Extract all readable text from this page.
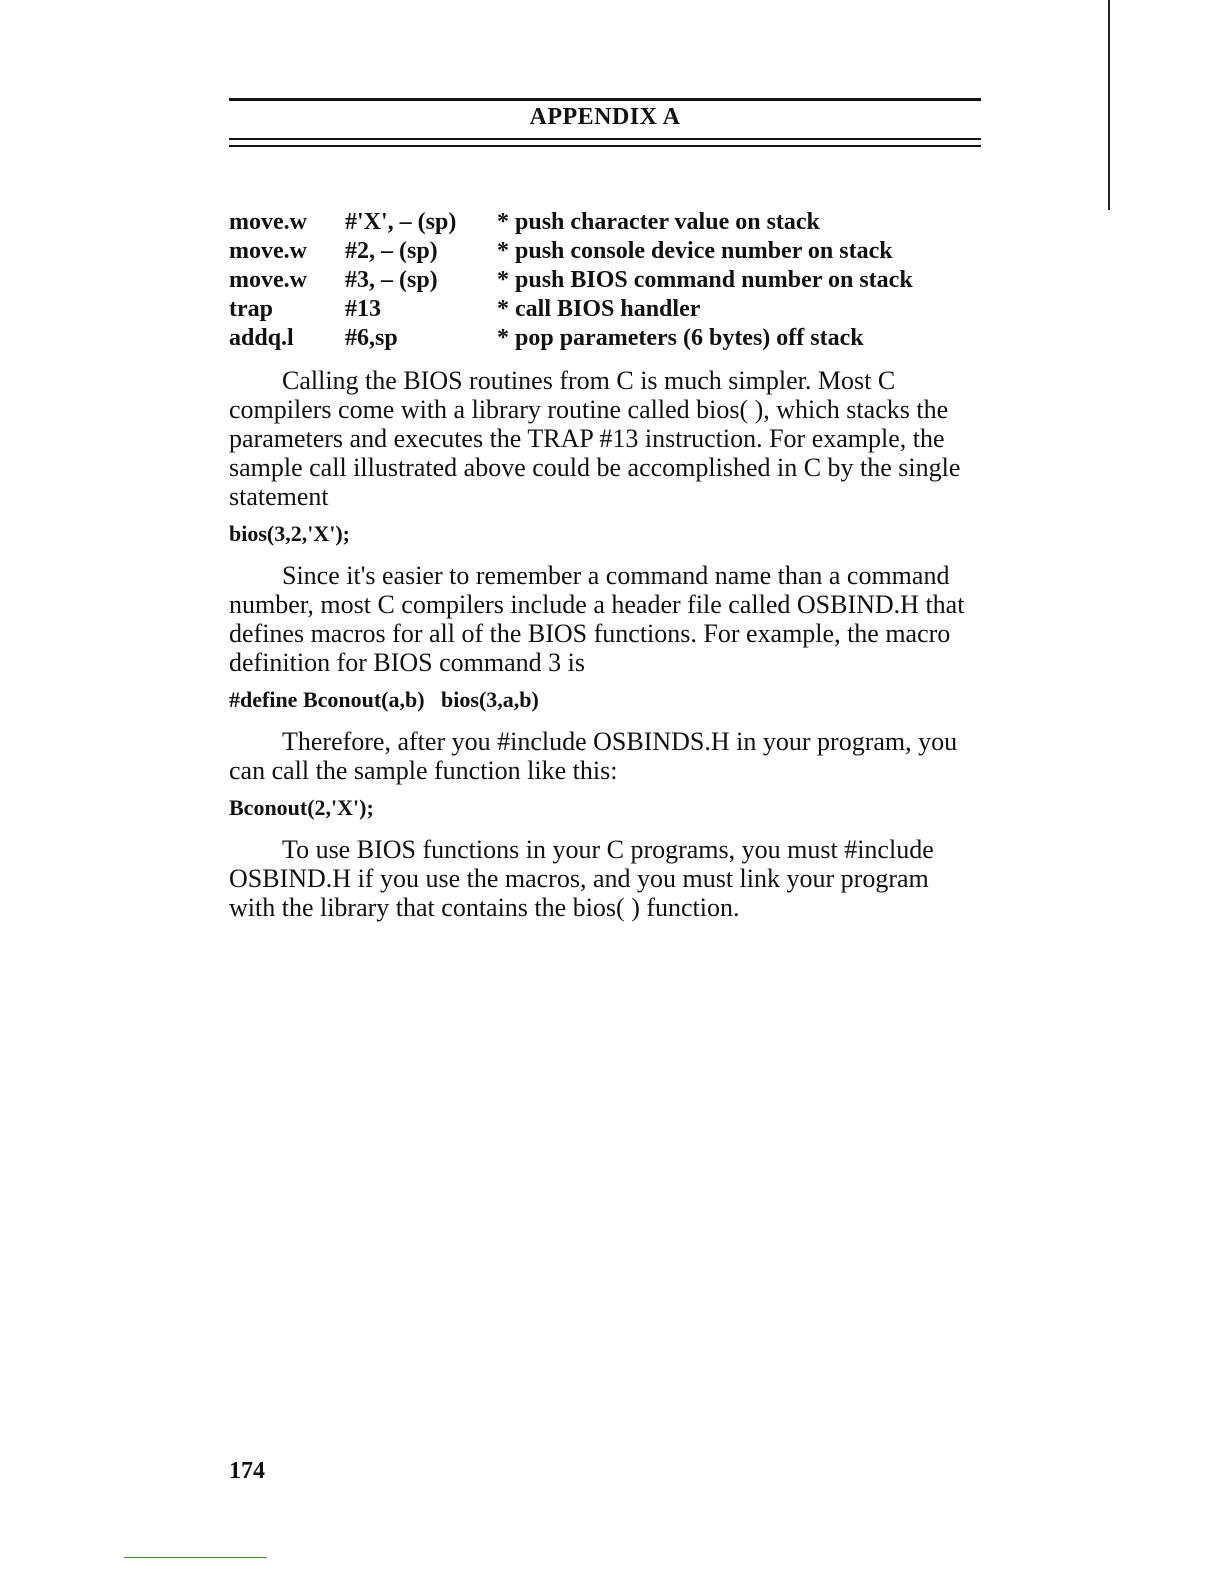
APPENDIX A
move.w	#'X', – (sp)	* push character value on stack
move.w	#2, – (sp)	* push console device number on stack
move.w	#3, – (sp)	* push BIOS command number on stack
trap	#13	* call BIOS handler
addq.l	#6,sp	* pop parameters (6 bytes) off stack

Calling the BIOS routines from C is much simpler. Most C compilers come with a library routine called bios( ), which stacks the parameters and executes the TRAP #13 instruction. For example, the sample call illustrated above could be accomplished in C by the single statement

bios(3,2,'X');

Since it's easier to remember a command name than a command number, most C compilers include a header file called OSBIND.H that defines macros for all of the BIOS functions. For example, the macro definition for BIOS command 3 is

#define Bconout(a,b)   bios(3,a,b)

Therefore, after you #include OSBINDS.H in your program, you can call the sample function like this:

Bconout(2,'X');

To use BIOS functions in your C programs, you must #include OSBIND.H if you use the macros, and you must link your program with the library that contains the bios( ) function.

174
